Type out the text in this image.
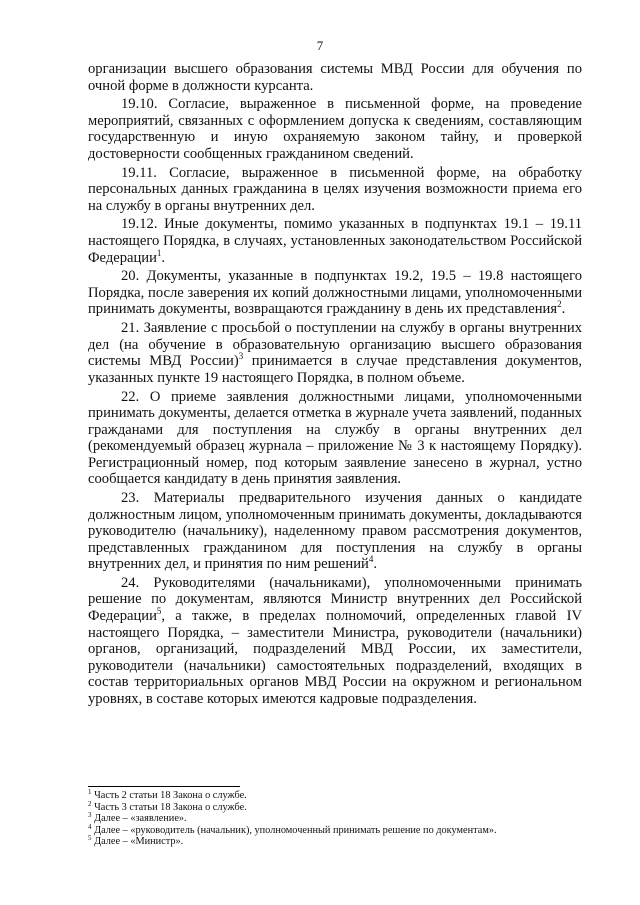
7

организации высшего образования системы МВД России для обучения по очной форме в должности курсанта.

19.10. Согласие, выраженное в письменной форме, на проведение мероприятий, связанных с оформлением допуска к сведениям, составляющим государственную и иную охраняемую законом тайну, и проверкой достоверности сообщенных гражданином сведений.

19.11. Согласие, выраженное в письменной форме, на обработку персональных данных гражданина в целях изучения возможности приема его на службу в органы внутренних дел.

19.12. Иные документы, помимо указанных в подпунктах 19.1 – 19.11 настоящего Порядка, в случаях, установленных законодательством Российской Федерации$^1$.

20. Документы, указанные в подпунктах 19.2, 19.5 – 19.8 настоящего Порядка, после заверения их копий должностными лицами, уполномоченными принимать документы, возвращаются гражданину в день их представления$^2$.

21. Заявление с просьбой о поступлении на службу в органы внутренних дел (на обучение в образовательную организацию высшего образования системы МВД России)$^3$ принимается в случае представления документов, указанных пункте 19 настоящего Порядка, в полном объеме.

22. О приеме заявления должностными лицами, уполномоченными принимать документы, делается отметка в журнале учета заявлений, поданных гражданами для поступления на службу в органы внутренних дел (рекомендуемый образец журнала – приложение № 3 к настоящему Порядку). Регистрационный номер, под которым заявление занесено в журнал, устно сообщается кандидату в день принятия заявления.

23. Материалы предварительного изучения данных о кандидате должностным лицом, уполномоченным принимать документы, докладываются руководителю (начальнику), наделенному правом рассмотрения документов, представленных гражданином для поступления на службу в органы внутренних дел, и принятия по ним решений$^4$.

24. Руководителями (начальниками), уполномоченными принимать решение по документам, являются Министр внутренних дел Российской Федерации$^5$, а также, в пределах полномочий, определенных главой IV настоящего Порядка, – заместители Министра, руководители (начальники) органов, организаций, подразделений МВД России, их заместители, руководители (начальники) самостоятельных подразделений, входящих в состав территориальных органов МВД России на окружном и региональном уровнях, в составе которых имеются кадровые подразделения.

$^1$ Часть 2 статьи 18 Закона о службе.
$^2$ Часть 3 статьи 18 Закона о службе.
$^3$ Далее – «заявление».
$^4$ Далее – «руководитель (начальник), уполномоченный принимать решение по документам».
$^5$ Далее – «Министр».
